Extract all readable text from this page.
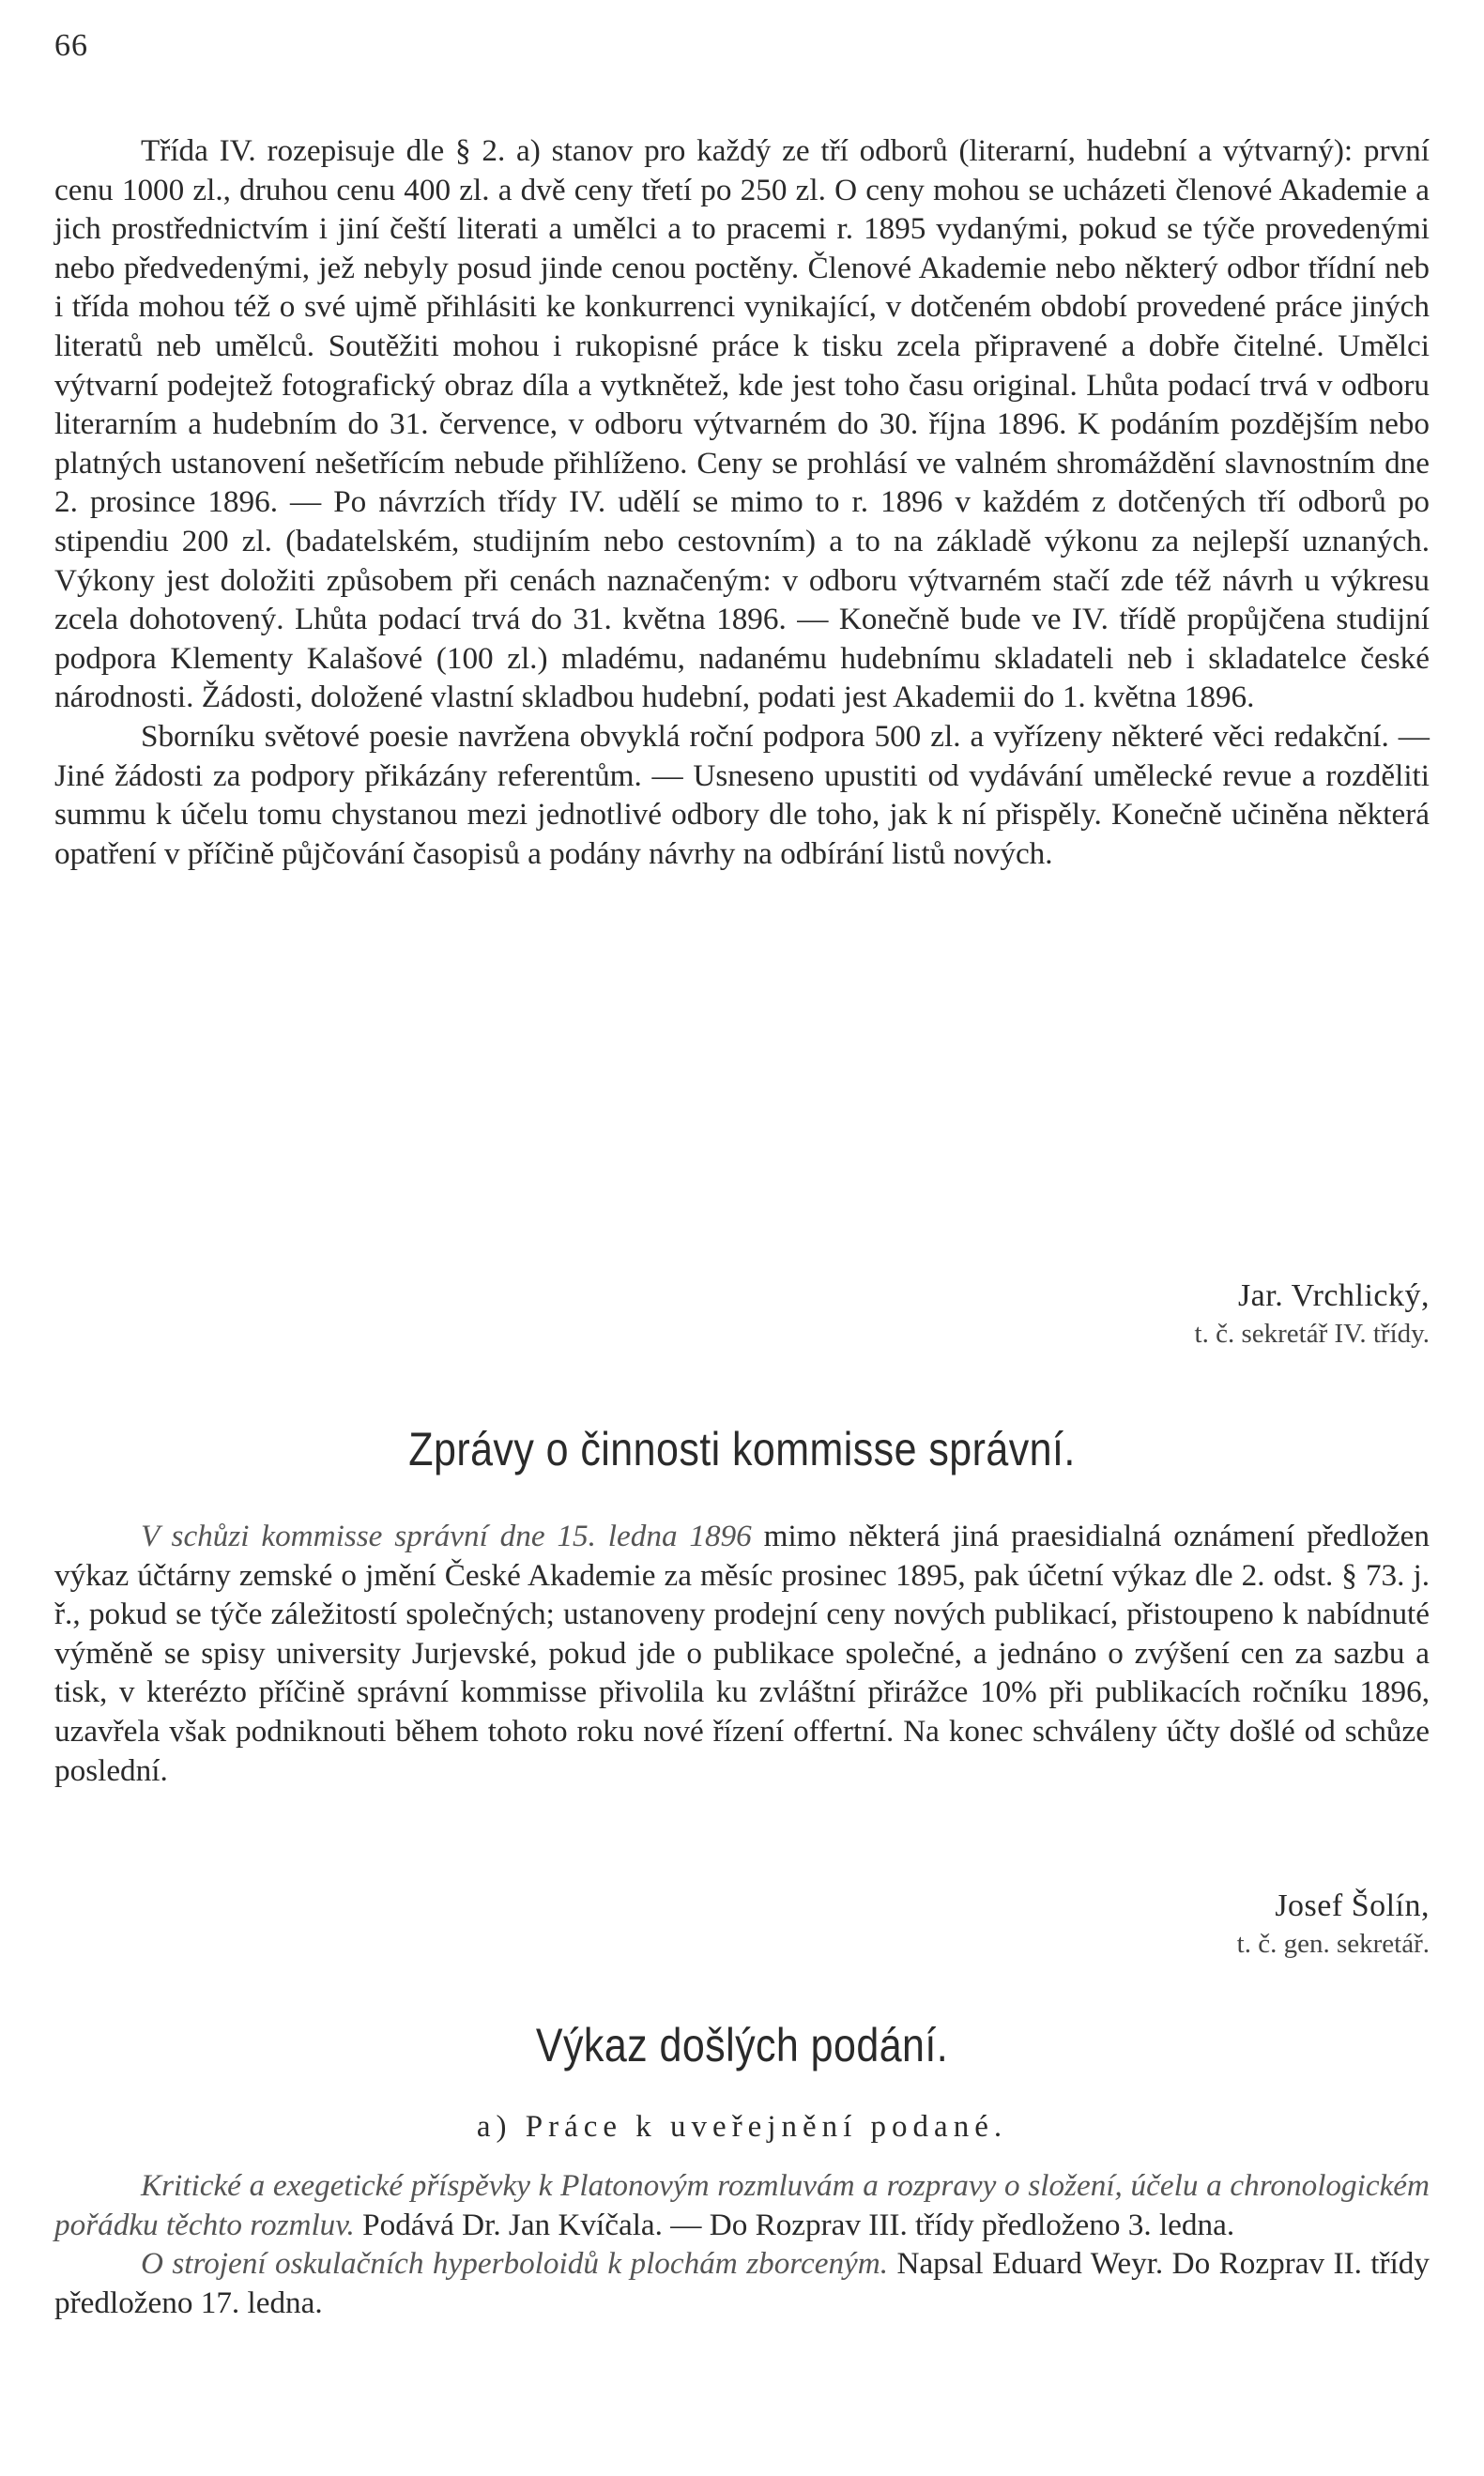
66

Třída IV. rozepisuje dle § 2. a) stanov pro každý ze tří odborů (literarní, hudební a výtvarný): první cenu 1000 zl., druhou cenu 400 zl. a dvě ceny třetí po 250 zl. O ceny mohou se ucházeti členové Akademie a jich prostřednictvím i jiní čeští literati a umělci a to pracemi r. 1895 vydanými, pokud se týče provedenými nebo předvedenými, jež nebyly posud jinde cenou poctěny. Členové Akademie nebo některý odbor třídní neb i třída mohou též o své ujmě přihlásiti ke konkurrenci vynikající, v dotčeném období provedené práce jiných literatů neb umělců. Soutěžiti mohou i rukopisné práce k tisku zcela připravené a dobře čitelné. Umělci výtvarní podejtež fotografický obraz díla a vytknětež, kde jest toho času original. Lhůta podací trvá v odboru literarním a hudebním do 31. července, v odboru výtvarném do 30. října 1896. K podáním pozdějším nebo platných ustanovení nešetřícím nebude přihlíženo. Ceny se prohlásí ve valném shromáždění slavnostním dne 2. prosince 1896. — Po návrzích třídy IV. udělí se mimo to r. 1896 v každém z dotčených tří odborů po stipendiu 200 zl. (badatelském, studijním nebo cestovním) a to na základě výkonu za nejlepší uznaných. Výkony jest doložiti způsobem při cenách naznačeným: v odboru výtvarném stačí zde též návrh u výkresu zcela dohotovený. Lhůta podací trvá do 31. května 1896. — Konečně bude ve IV. třídě propůjčena studijní podpora Klementy Kalašové (100 zl.) mladému, nadanému hudebnímu skladateli neb i skladatelce české národnosti. Žádosti, doložené vlastní skladbou hudební, podati jest Akademii do 1. května 1896.

Sborníku světové poesie navržena obvyklá roční podpora 500 zl. a vyřízeny některé věci redakční. — Jiné žádosti za podpory přikázány referentům. — Usneseno upustiti od vydávání umělecké revue a rozděliti summu k účelu tomu chystanou mezi jednotlivé odbory dle toho, jak k ní přispěly. Konečně učiněna některá opatření v příčině půjčování časopisů a podány návrhy na odbírání listů nových.

Jar. Vrchlický,
t. č. sekretář IV. třídy.
Zprávy o činnosti kommisse správní.

V schůzi kommisse správní dne 15. ledna 1896 mimo některá jiná praesidialná oznámení předložen výkaz účtárny zemské o jmění České Akademie za měsíc prosinec 1895, pak účetní výkaz dle 2. odst. § 73. j. ř., pokud se týče záležitostí společných; ustanoveny prodejní ceny nových publikací, přistoupeno k nabídnuté výměně se spisy university Jurjevské, pokud jde o publikace společné, a jednáno o zvýšení cen za sazbu a tisk, v kterézto příčině správní kommisse přivolila ku zvláštní přirážce 10% při publikacích ročníku 1896, uzavřela však podniknouti během tohoto roku nové řízení offertní. Na konec schváleny účty došlé od schůze poslední.

Josef Šolín,
t. č. gen. sekretář.
Výkaz došlých podání.
a) Práce k uveřejnění podané.

Kritické a exegetické příspěvky k Platonovým rozmluvám a rozpravy o složení, účelu a chronologickém pořádku těchto rozmluv. Podává Dr. Jan Kvíčala. — Do Rozprav III. třídy předloženo 3. ledna.

O strojení oskulačních hyperboloidů k plochám zborceným. Napsal Eduard Weyr. Do Rozprav II. třídy předloženo 17. ledna.
